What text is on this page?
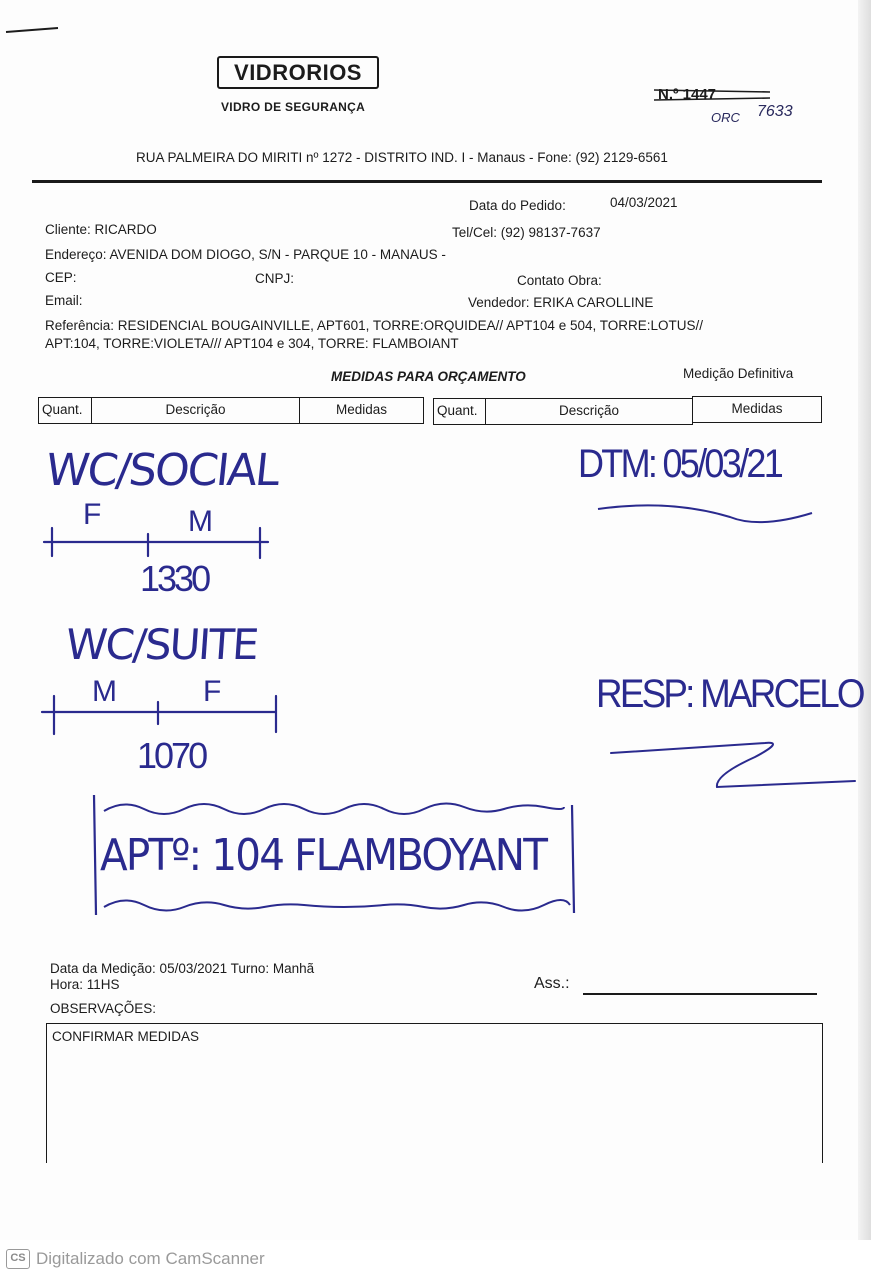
VIDRORIOS
VIDRO DE SEGURANÇA
N.º 1447
ORC 7633
RUA PALMEIRA DO MIRITI nº 1272 - DISTRITO IND. I - Manaus - Fone: (92) 2129-6561
Data do Pedido:	04/03/2021
Cliente: RICARDO	Tel/Cel: (92) 98137-7637
Endereço: AVENIDA DOM DIOGO, S/N - PARQUE 10 - MANAUS -
CEP:	CNPJ:	Contato Obra:
Email:	Vendedor: ERIKA CAROLLINE
Referência: RESIDENCIAL BOUGAINVILLE, APT601, TORRE:ORQUIDEA// APT104 e 504, TORRE:LOTUS//
APT:104, TORRE:VIOLETA/// APT104 e 304, TORRE: FLAMBOIANT
MEDIDAS PARA ORÇAMENTO	Medição Definitiva
Quant.	Descrição	Medidas	Quant.	Descrição	Medidas
WC/SOCIAL
F	M
1330
WC/SUITE
M	F
1070
APTº: 104 FLAMBOYANT
DTM: 05/03/21
RESP: MARCELO
Data da Medição: 05/03/2021 Turno: Manhã
Hora: 11HS	Ass.:
OBSERVAÇÕES:
CONFIRMAR MEDIDAS
CS Digitalizado com CamScanner
